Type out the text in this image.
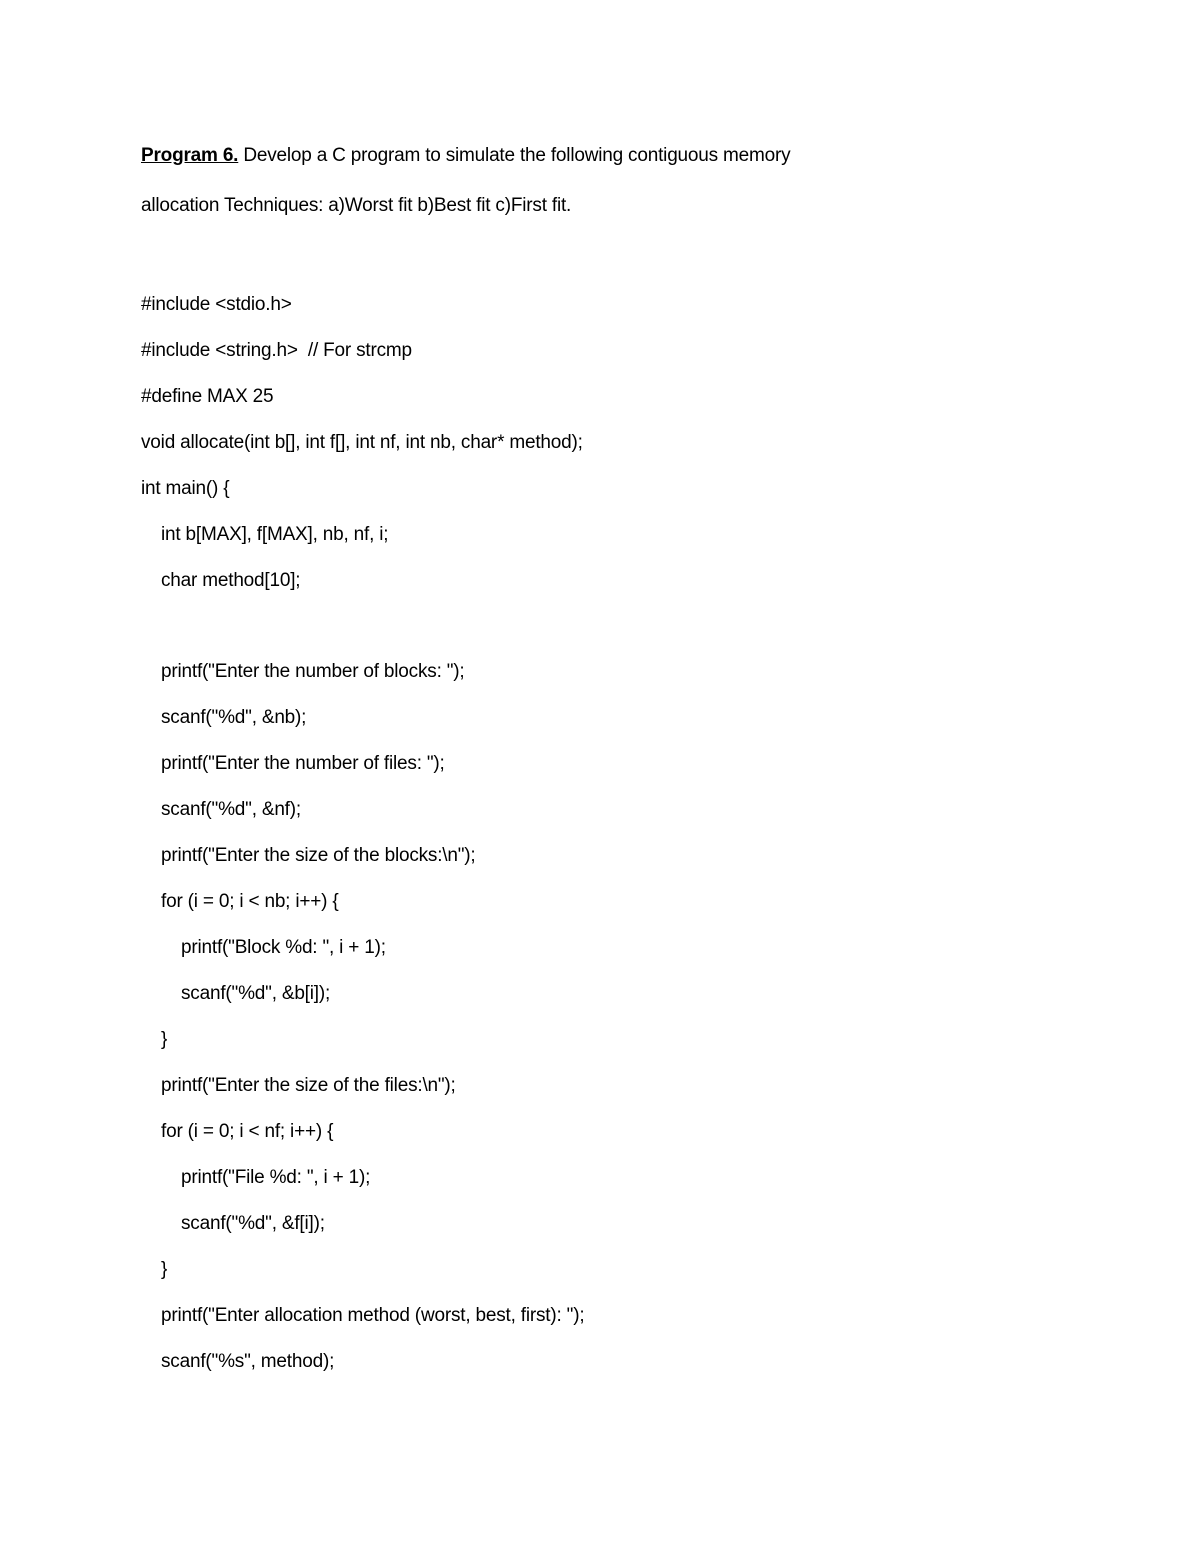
Program 6. Develop a C program to simulate the following contiguous memory
allocation Techniques: a)Worst fit b)Best fit c)First fit.
#include <stdio.h>
#include <string.h>  // For strcmp
#define MAX 25
void allocate(int b[], int f[], int nf, int nb, char* method);
int main() {
int b[MAX], f[MAX], nb, nf, i;
char method[10];
printf("Enter the number of blocks: ");
scanf("%d", &nb);
printf("Enter the number of files: ");
scanf("%d", &nf);
printf("Enter the size of the blocks:\n");
for (i = 0; i < nb; i++) {
printf("Block %d: ", i + 1);
scanf("%d", &b[i]);
}
printf("Enter the size of the files:\n");
for (i = 0; i < nf; i++) {
printf("File %d: ", i + 1);
scanf("%d", &f[i]);
}
printf("Enter allocation method (worst, best, first): ");
scanf("%s", method);
